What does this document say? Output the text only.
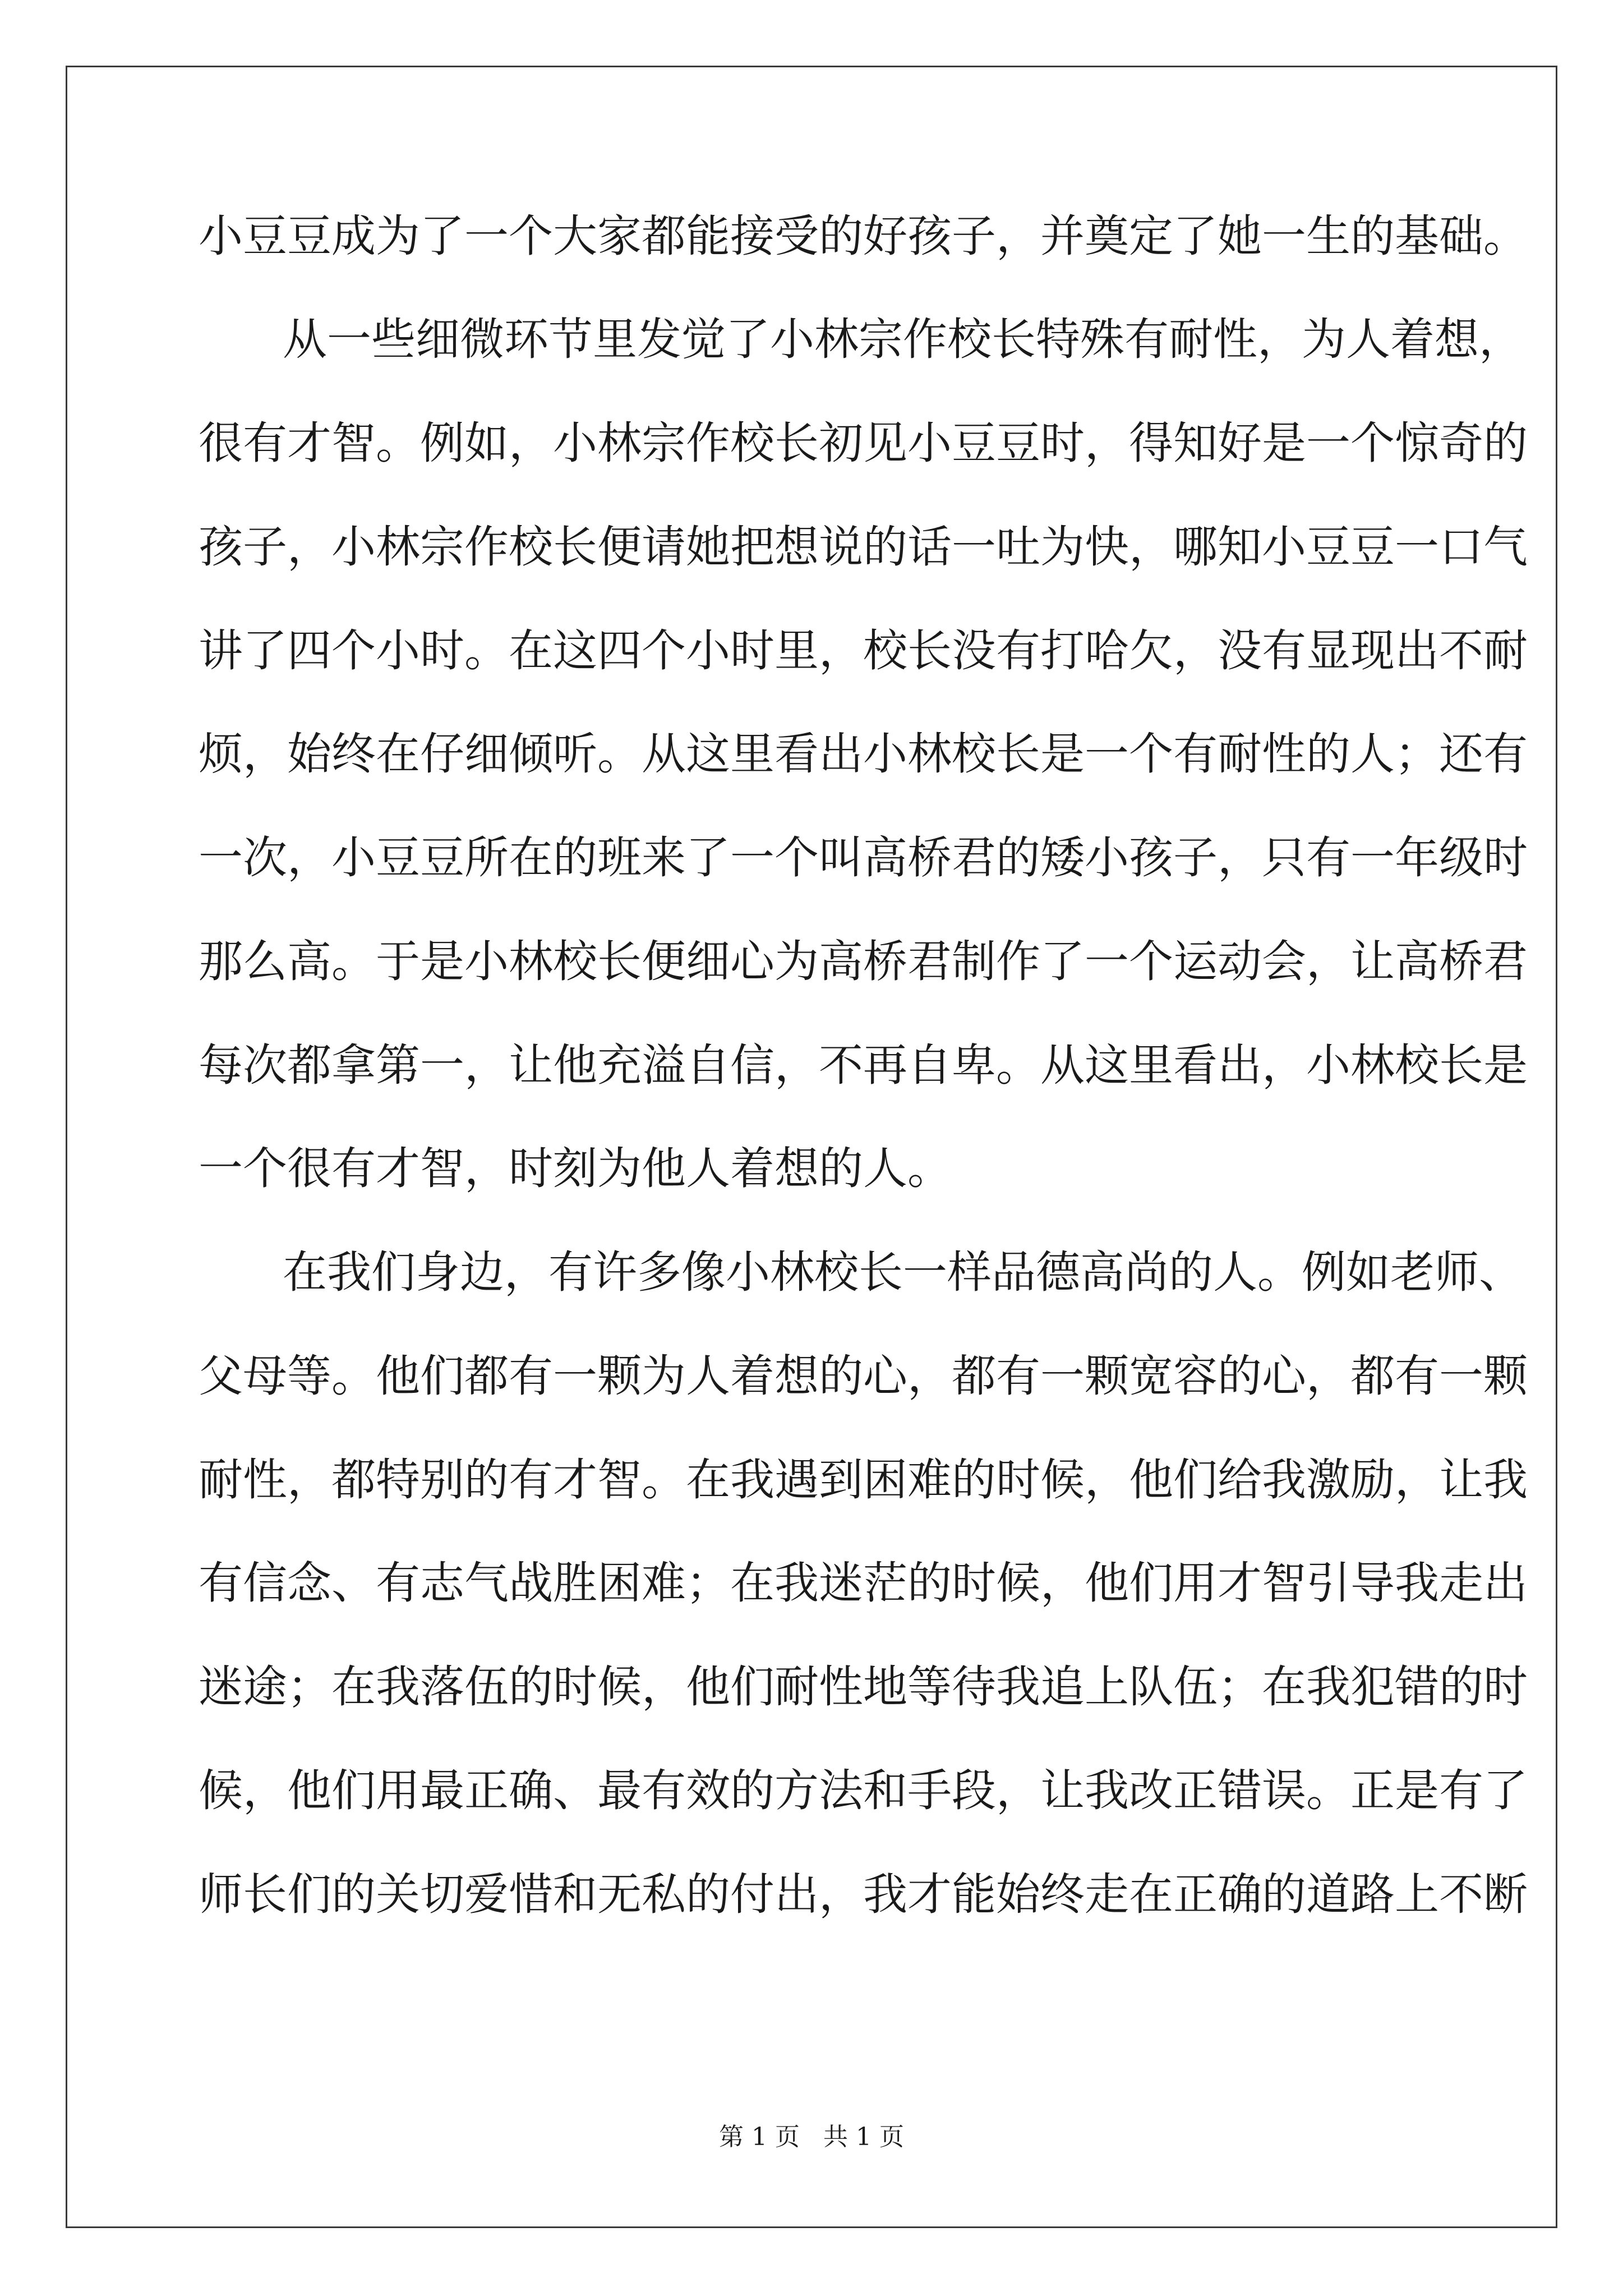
小豆豆成为了一个大家都能接受的好孩子，并奠定了她一生的基础。
从一些细微环节里发觉了小林宗作校长特殊有耐性，为人着想，
很有才智。例如，小林宗作校长初见小豆豆时，得知好是一个惊奇的
孩子，小林宗作校长便请她把想说的话一吐为快，哪知小豆豆一口气
讲了四个小时。在这四个小时里，校长没有打哈欠，没有显现出不耐
烦，始终在仔细倾听。从这里看出小林校长是一个有耐性的人；还有
一次，小豆豆所在的班来了一个叫高桥君的矮小孩子，只有一年级时
那么高。于是小林校长便细心为高桥君制作了一个运动会，让高桥君
每次都拿第一，让他充溢自信，不再自卑。从这里看出，小林校长是
一个很有才智，时刻为他人着想的人。
在我们身边，有许多像小林校长一样品德高尚的人。例如老师、
父母等。他们都有一颗为人着想的心，都有一颗宽容的心，都有一颗
耐性，都特别的有才智。在我遇到困难的时候，他们给我激励，让我
有信念、有志气战胜困难；在我迷茫的时候，他们用才智引导我走出
迷途；在我落伍的时候，他们耐性地等待我追上队伍；在我犯错的时
候，他们用最正确、最有效的方法和手段，让我改正错误。正是有了
师长们的关切爱惜和无私的付出，我才能始终走在正确的道路上不断
第 1 页   共 1 页
